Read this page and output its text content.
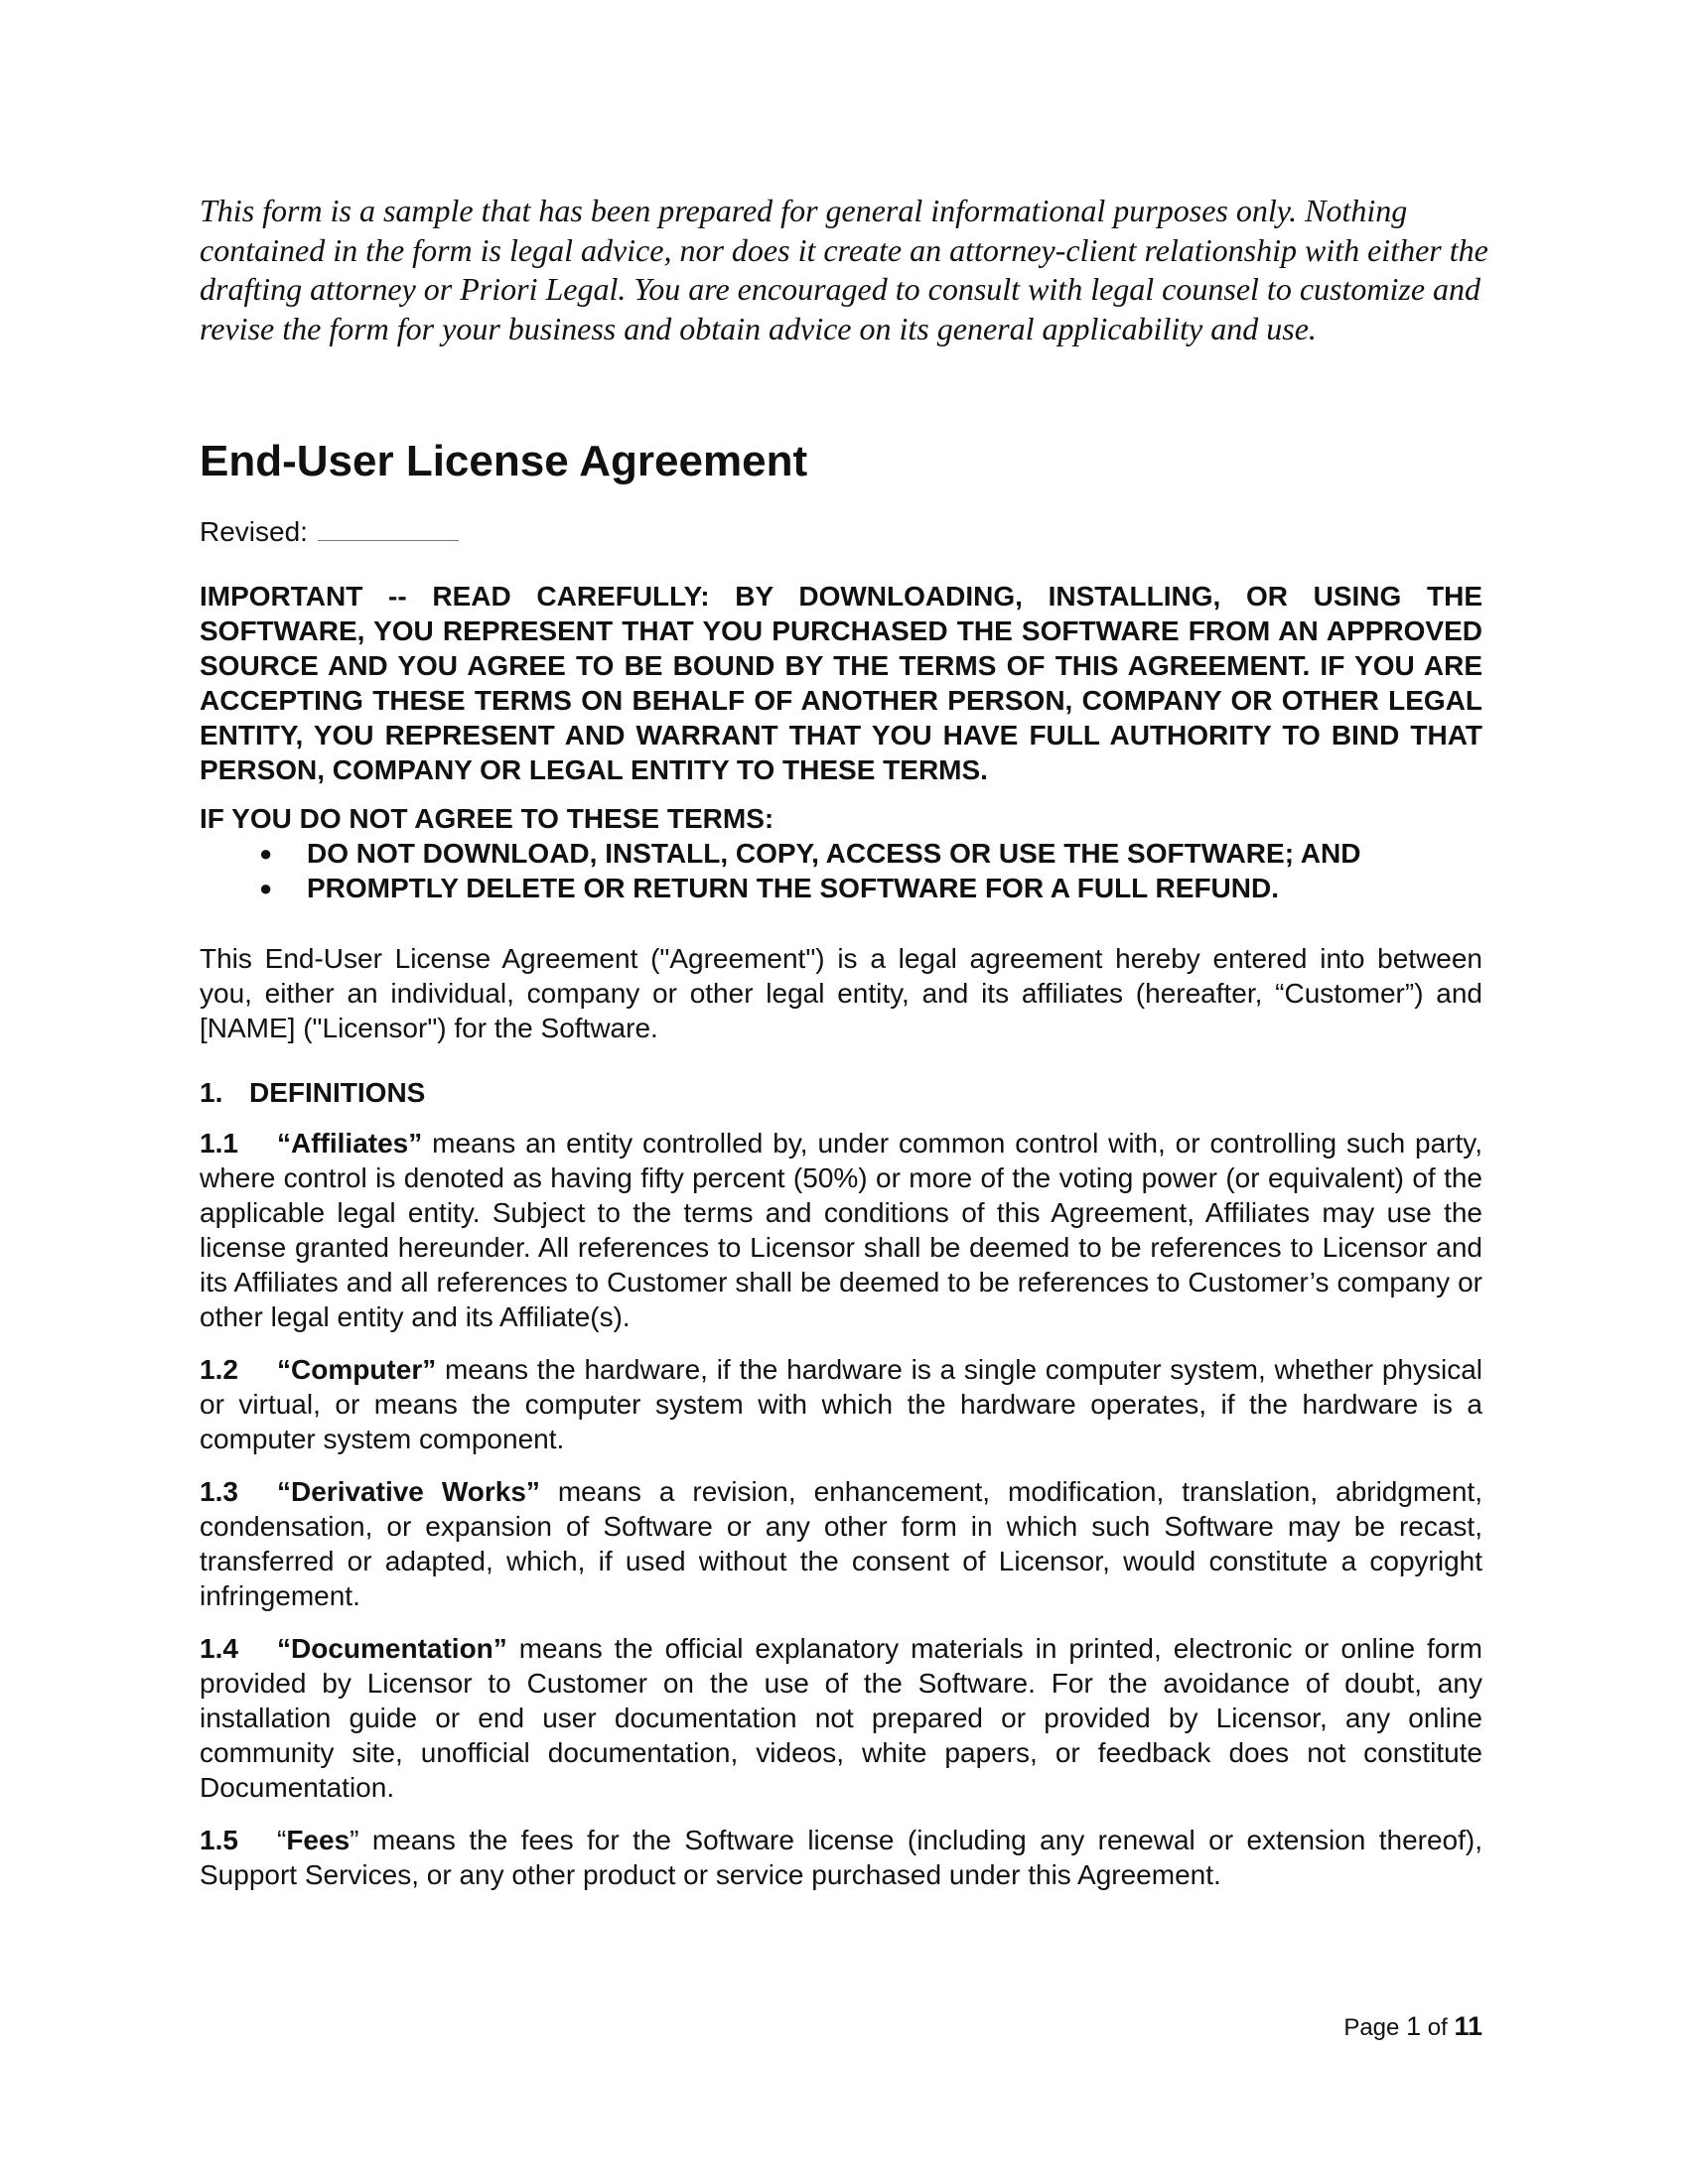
This form is a sample that has been prepared for general informational purposes only. Nothing contained in the form is legal advice, nor does it create an attorney-client relationship with either the drafting attorney or Priori Legal. You are encouraged to consult with legal counsel to customize and revise the form for your business and obtain advice on its general applicability and use.

End-User License Agreement
Revised:

IMPORTANT -- READ CAREFULLY: BY DOWNLOADING, INSTALLING, OR USING THE SOFTWARE, YOU REPRESENT THAT YOU PURCHASED THE SOFTWARE FROM AN APPROVED SOURCE AND YOU AGREE TO BE BOUND BY THE TERMS OF THIS AGREEMENT. IF YOU ARE ACCEPTING THESE TERMS ON BEHALF OF ANOTHER PERSON, COMPANY OR OTHER LEGAL ENTITY, YOU REPRESENT AND WARRANT THAT YOU HAVE FULL AUTHORITY TO BIND THAT PERSON, COMPANY OR LEGAL ENTITY TO THESE TERMS.

IF YOU DO NOT AGREE TO THESE TERMS:

● DO NOT DOWNLOAD, INSTALL, COPY, ACCESS OR USE THE SOFTWARE; AND
● PROMPTLY DELETE OR RETURN THE SOFTWARE FOR A FULL REFUND.

This End-User License Agreement ("Agreement") is a legal agreement hereby entered into between you, either an individual, company or other legal entity, and its affiliates (hereafter, “Customer”) and [NAME] ("Licensor") for the Software.

1. DEFINITIONS

1.1 “Affiliates” means an entity controlled by, under common control with, or controlling such party, where control is denoted as having fifty percent (50%) or more of the voting power (or equivalent) of the applicable legal entity. Subject to the terms and conditions of this Agreement, Affiliates may use the license granted hereunder. All references to Licensor shall be deemed to be references to Licensor and its Affiliates and all references to Customer shall be deemed to be references to Customer’s company or other legal entity and its Affiliate(s).

1.2 “Computer” means the hardware, if the hardware is a single computer system, whether physical or virtual, or means the computer system with which the hardware operates, if the hardware is a computer system component.

1.3 “Derivative Works” means a revision, enhancement, modification, translation, abridgment, condensation, or expansion of Software or any other form in which such Software may be recast, transferred or adapted, which, if used without the consent of Licensor, would constitute a copyright infringement.

1.4 “Documentation” means the official explanatory materials in printed, electronic or online form provided by Licensor to Customer on the use of the Software. For the avoidance of doubt, any installation guide or end user documentation not prepared or provided by Licensor, any online community site, unofficial documentation, videos, white papers, or feedback does not constitute Documentation.

1.5 “Fees” means the fees for the Software license (including any renewal or extension thereof), Support Services, or any other product or service purchased under this Agreement.

Page 1 of 11
